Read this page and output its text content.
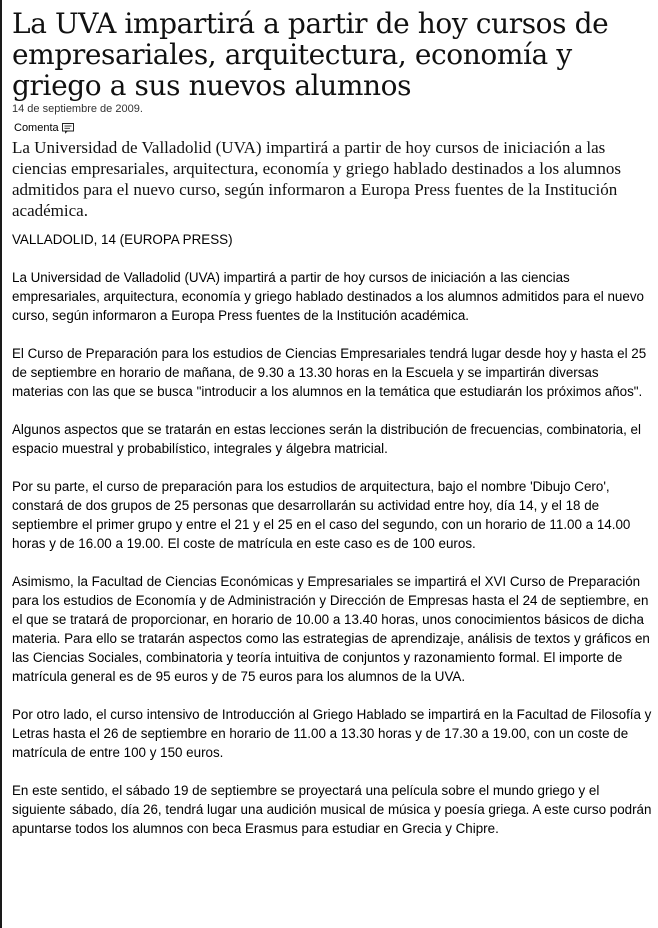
La UVA impartirá a partir de hoy cursos de empresariales, arquitectura, economía y griego a sus nuevos alumnos
14 de septiembre de 2009.
Comenta

La Universidad de Valladolid (UVA) impartirá a partir de hoy cursos de iniciación a las ciencias empresariales, arquitectura, economía y griego hablado destinados a los alumnos admitidos para el nuevo curso, según informaron a Europa Press fuentes de la Institución académica.

VALLADOLID, 14 (EUROPA PRESS)

La Universidad de Valladolid (UVA) impartirá a partir de hoy cursos de iniciación a las ciencias empresariales, arquitectura, economía y griego hablado destinados a los alumnos admitidos para el nuevo curso, según informaron a Europa Press fuentes de la Institución académica.

El Curso de Preparación para los estudios de Ciencias Empresariales tendrá lugar desde hoy y hasta el 25 de septiembre en horario de mañana, de 9.30 a 13.30 horas en la Escuela y se impartirán diversas materias con las que se busca "introducir a los alumnos en la temática que estudiarán los próximos años".

Algunos aspectos que se tratarán en estas lecciones serán la distribución de frecuencias, combinatoria, el espacio muestral y probabilístico, integrales y álgebra matricial.

Por su parte, el curso de preparación para los estudios de arquitectura, bajo el nombre 'Dibujo Cero', constará de dos grupos de 25 personas que desarrollarán su actividad entre hoy, día 14, y el 18 de septiembre el primer grupo y entre el 21 y el 25 en el caso del segundo, con un horario de 11.00 a 14.00 horas y de 16.00 a 19.00. El coste de matrícula en este caso es de 100 euros.

Asimismo, la Facultad de Ciencias Económicas y Empresariales se impartirá el XVI Curso de Preparación para los estudios de Economía y de Administración y Dirección de Empresas hasta el 24 de septiembre, en el que se tratará de proporcionar, en horario de 10.00 a 13.40 horas, unos conocimientos básicos de dicha materia. Para ello se tratarán aspectos como las estrategias de aprendizaje, análisis de textos y gráficos en las Ciencias Sociales, combinatoria y teoría intuitiva de conjuntos y razonamiento formal. El importe de matrícula general es de 95 euros y de 75 euros para los alumnos de la UVA.

Por otro lado, el curso intensivo de Introducción al Griego Hablado se impartirá en la Facultad de Filosofía y Letras hasta el 26 de septiembre en horario de 11.00 a 13.30 horas y de 17.30 a 19.00, con un coste de matrícula de entre 100 y 150 euros.

En este sentido, el sábado 19 de septiembre se proyectará una película sobre el mundo griego y el siguiente sábado, día 26, tendrá lugar una audición musical de música y poesía griega. A este curso podrán apuntarse todos los alumnos con beca Erasmus para estudiar en Grecia y Chipre.
